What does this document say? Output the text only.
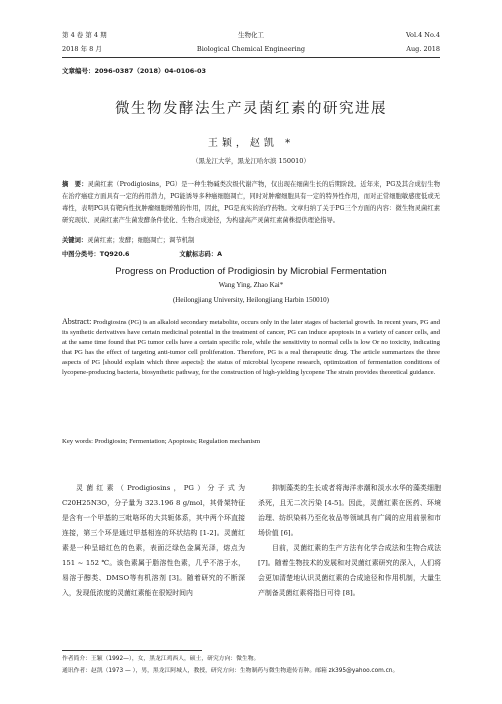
第 4 卷 第 4 期	生物化工	Vol.4 No.4
2018 年 8 月	Biological Chemical Engineering	Aug. 2018
文章编号：2096-0387（2018）04-0106-03
微生物发酵法生产灵菌红素的研究进展
王颖，赵凯 *
（黑龙江大学，黑龙江哈尔滨 150010）
摘　要：灵菌红素（Prodigiosins，PG）是一种生物碱类次级代谢产物，仅出现在细菌生长的后期阶段。近年来，PG及其合成衍生物在治疗癌症方面具有一定的药用潜力，PG能诱导多种癌细胞凋亡，同时对肿瘤细胞具有一定的特异性作用，而对正常细胞敏感度低或无毒性，表明PG具有靶向性抗肿瘤细胞增殖的作用，因此，PG是真实的治疗药物。文章归纳了关于PG三个方面的内容：微生物灵菌红素研究现状、灵菌红素产生菌发酵条件优化、生物合成途径，为构建高产灵菌红素菌株提供理论指导。
关键词：灵菌红素；发酵；细胞凋亡；调节机制
中图分类号：TQ920.6	文献标志码：A
Progress on Production of Prodigiosin by Microbial Fermentation
Wang Ying, Zhao Kai*
(Heilongjiang University, Heilongjiang Harbin 150010)
Abstract: Prodigiosins (PG) is an alkaloid secondary metabolite, occurs only in the later stages of bacterial growth. In recent years, PG and its synthetic derivatives have certain medicinal potential in the treatment of cancer, PG can induce apoptosis in a variety of cancer cells, and at the same time found that PG tumor cells have a certain specific role, while the sensitivity to normal cells is low Or no toxicity, indicating that PG has the effect of targeting anti-tumor cell proliferation. Therefore, PG is a real therapeutic drug. The article summarizes the three aspects of PG [should explain which three aspects]: the status of microbial lycopene research, optimization of fermentation conditions of lycopene-producing bacteria, biosynthetic pathway, for the construction of high-yielding lycopene The strain provides theoretical guidance.
Key words: Prodigiosin; Fermentation; Apoptosis; Regulation mechanism
灵菌红素（Prodigiosins，PG）分子式为 C20H25N3O，分子量为 323.196 8 g/mol，其骨架特征是含有一个甲基的三吡咯环的大共轭体系，其中两个环直接连接，第三个环是通过甲基相连的环状结构 [1-2]。灵菌红素是一种呈暗红色的色素，表面泛绿色金属光泽，熔点为 151 ~ 152 ℃。该色素属于脂溶性色素，几乎不溶于水，易溶于醇类、DMSO等有机溶剂 [3]。随着研究的不断深入，发现低浓度的灵菌红素能在很短时间内

抑制藻类的生长或者将海洋赤潮和淡水水华的藻类细胞杀死，且无二次污染 [4-5]。因此，灵菌红素在医药、环境治理、纺织染料乃至化妆品等领域具有广阔的应用前景和市场价值 [6]。

目前，灵菌红素的生产方法有化学合成法和生物合成法 [7]。随着生物技术的发展和对灵菌红素研究的深入，人们将会更加清楚地认识灵菌红素的合成途径和作用机制，大量生产制备灵菌红素将指日可待 [8]。

作者简介：王颖（1992—），女，黑龙江鸡西人，硕士，研究方向：微生物。
通讯作者：赵凯（1973 — ），男，黑龙江阿城人，教授，研究方向：生物制药与微生物遗传育种。邮箱 zk395@yahoo.com.cn。
